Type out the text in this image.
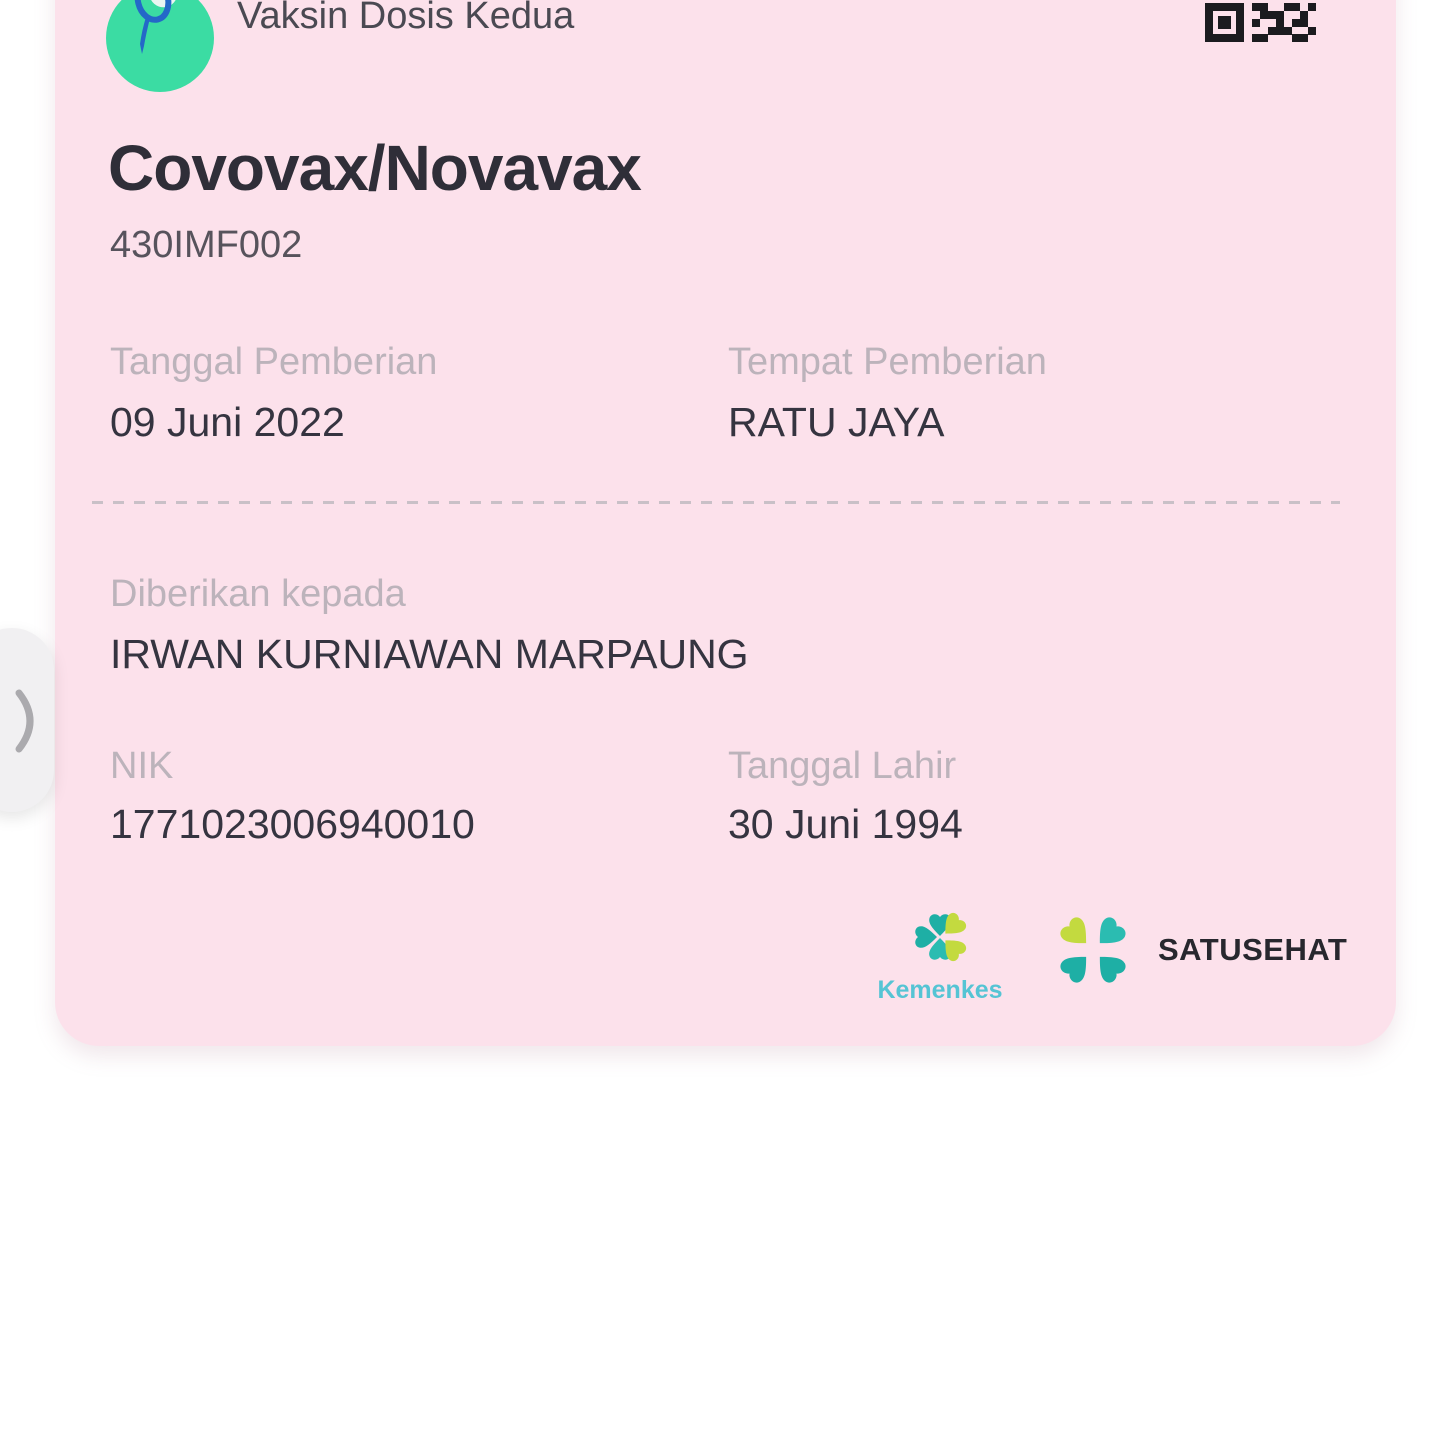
Vaksin Dosis Kedua
Covovax/Novavax
430IMF002
Tanggal Pemberian	Tempat Pemberian
09 Juni 2022	RATU JAYA
Diberikan kepada
IRWAN KURNIAWAN MARPAUNG
NIK	Tanggal Lahir
1771023006940010	30 Juni 1994
Kemenkes
SATUSEHAT
